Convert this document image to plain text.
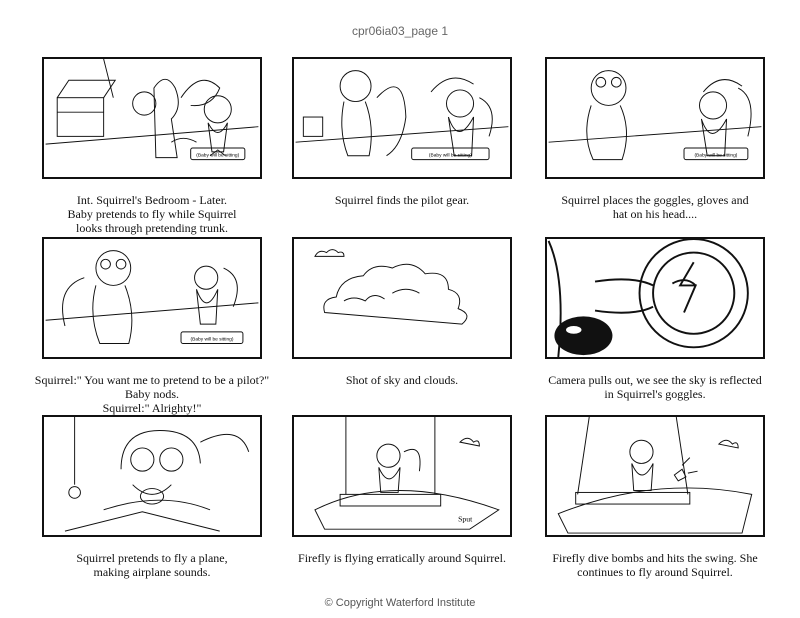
cpr06ia03_page 1
(Baby will be sitting)
Int. Squirrel's Bedroom - Later.
Baby pretends to fly while Squirrel
looks through pretending trunk.
(Baby will be sitting)
Squirrel finds the pilot gear.
(Baby will be sitting)
Squirrel places the goggles, gloves and
hat on his head....
(Baby will be sitting)
Squirrel:" You want me to pretend to be a pilot?"
Baby nods.
Squirrel:" Alrighty!"
Shot of sky and clouds.	Camera pulls out, we see the sky is reflected
in Squirrel's goggles.
Squirrel pretends to fly a plane,
making airplane sounds.
Sput
Firefly is flying erratically around Squirrel.	Firefly dive bombs and hits the swing. She
continues to fly around Squirrel.
© Copyright Waterford Institute
